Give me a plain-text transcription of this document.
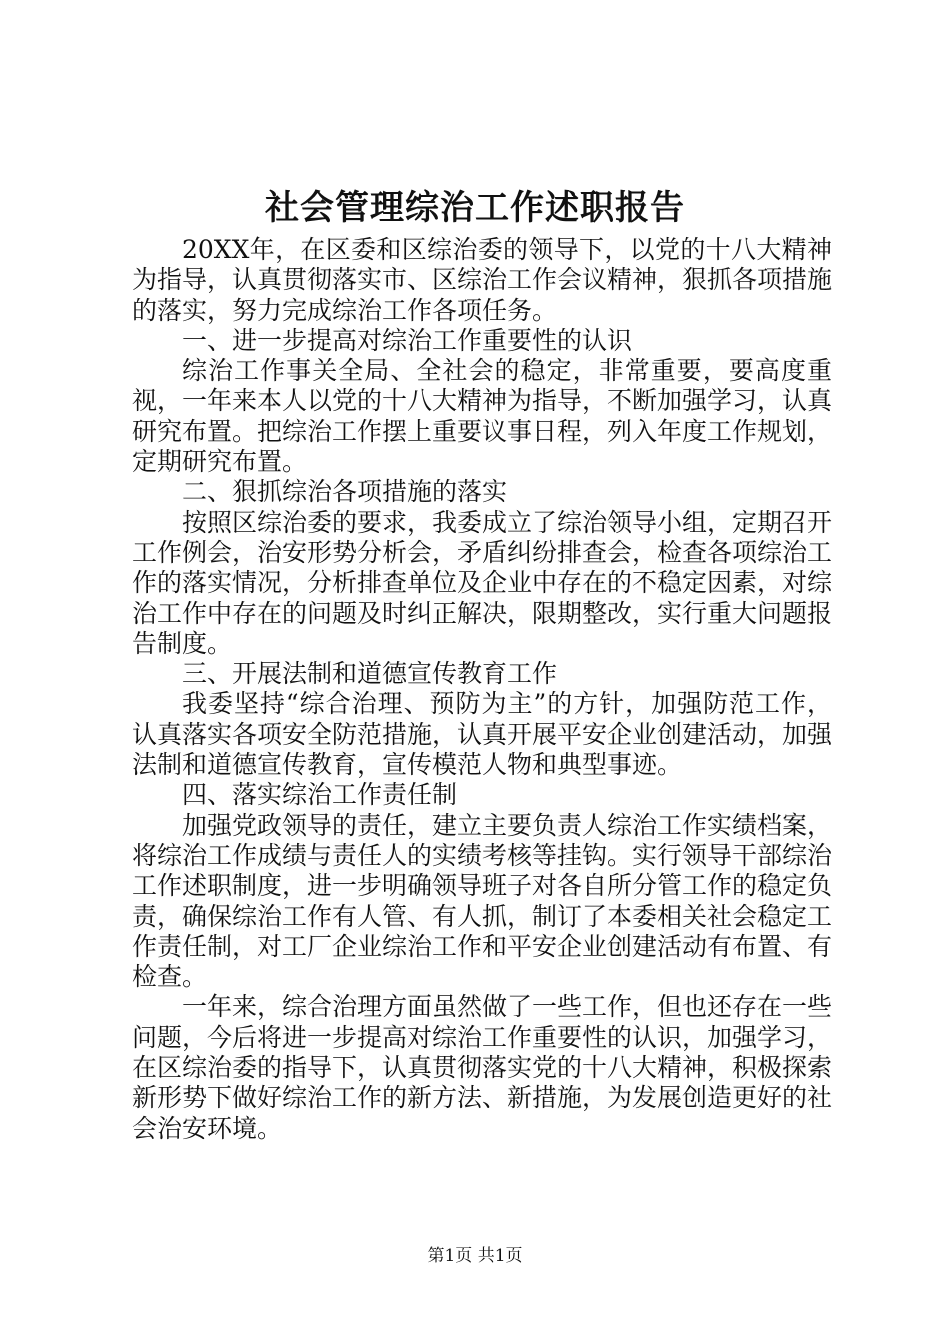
社会管理综治工作述职报告

20XX年，在区委和区综治委的领导下，以党的十八大精神为指导，认真贯彻落实市、区综治工作会议精神，狠抓各项措施的落实，努力完成综治工作各项任务。

一、进一步提高对综治工作重要性的认识

综治工作事关全局、全社会的稳定，非常重要，要高度重视，一年来本人以党的十八大精神为指导，不断加强学习，认真研究布置。把综治工作摆上重要议事日程，列入年度工作规划，定期研究布置。

二、狠抓综治各项措施的落实

按照区综治委的要求，我委成立了综治领导小组，定期召开工作例会，治安形势分析会，矛盾纠纷排查会，检查各项综治工作的落实情况，分析排查单位及企业中存在的不稳定因素，对综治工作中存在的问题及时纠正解决，限期整改，实行重大问题报告制度。

三、开展法制和道德宣传教育工作

我委坚持“综合治理、预防为主”的方针，加强防范工作，认真落实各项安全防范措施，认真开展平安企业创建活动，加强法制和道德宣传教育，宣传模范人物和典型事迹。

四、落实综治工作责任制

加强党政领导的责任，建立主要负责人综治工作实绩档案，将综治工作成绩与责任人的实绩考核等挂钩。实行领导干部综治工作述职制度，进一步明确领导班子对各自所分管工作的稳定负责，确保综治工作有人管、有人抓，制订了本委相关社会稳定工作责任制，对工厂企业综治工作和平安企业创建活动有布置、有检查。

一年来，综合治理方面虽然做了一些工作，但也还存在一些问题，今后将进一步提高对综治工作重要性的认识，加强学习，在区综治委的指导下，认真贯彻落实党的十八大精神，积极探索新形势下做好综治工作的新方法、新措施，为发展创造更好的社会治安环境。

第1页 共1页
